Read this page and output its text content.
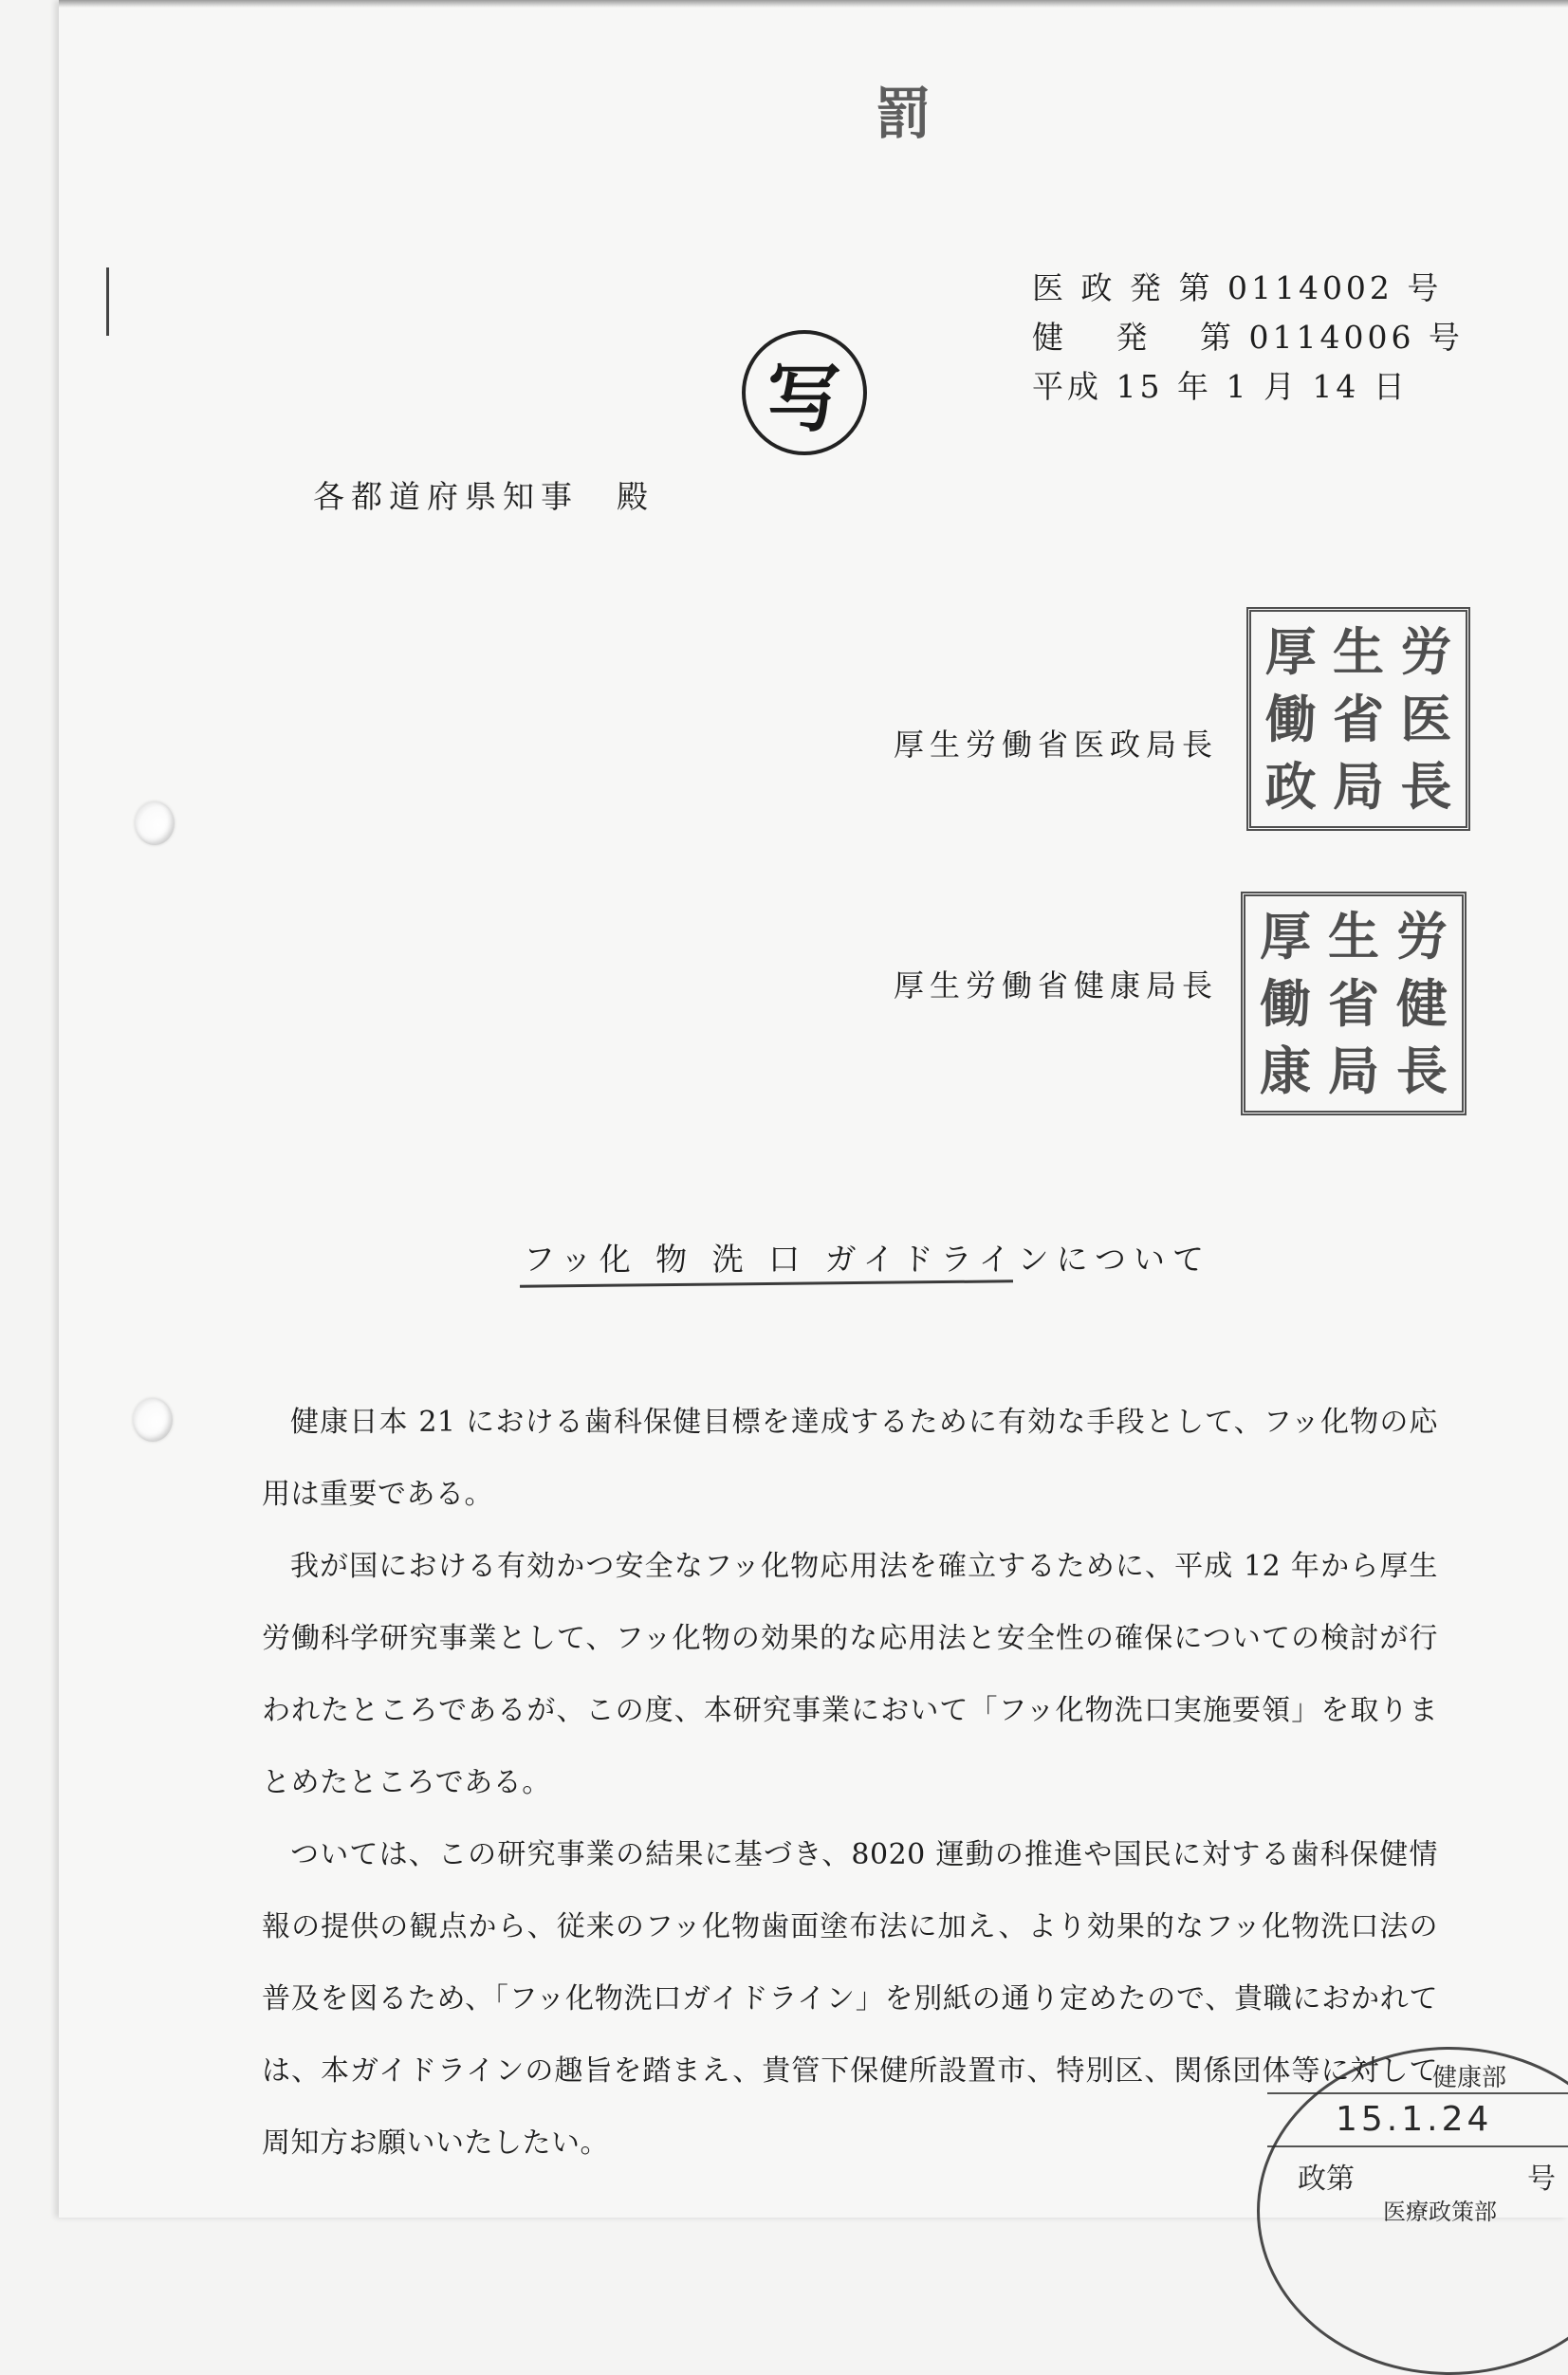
罰
医 政 発 第 0114002 号
健　 発　 第 0114006 号
平成 15 年 1 月 14 日
写
各都道府県知事　殿
厚生労働省医政局長
厚 生 労
働 省 医
政 局 長
厚生労働省健康局長
厚 生 労
働 省 健
康 局 長
フッ化 物 洗 口 ガイドラインについて

健康日本 21 における歯科保健目標を達成するために有効な手段として、フッ化物の応用は重要である。

我が国における有効かつ安全なフッ化物応用法を確立するために、平成 12 年から厚生労働科学研究事業として、フッ化物の効果的な応用法と安全性の確保についての検討が行われたところであるが、この度、本研究事業において「フッ化物洗口実施要領」を取りまとめたところである。

ついては、この研究事業の結果に基づき、8020 運動の推進や国民に対する歯科保健情報の提供の観点から、従来のフッ化物歯面塗布法に加え、より効果的なフッ化物洗口法の普及を図るため、「フッ化物洗口ガイドライン」を別紙の通り定めたので、貴職におかれては、本ガイドラインの趣旨を踏まえ、貴管下保健所設置市、特別区、関係団体等に対して周知方お願いいたしたい。

健康部
15.1.24
政第	号
医療政策部
